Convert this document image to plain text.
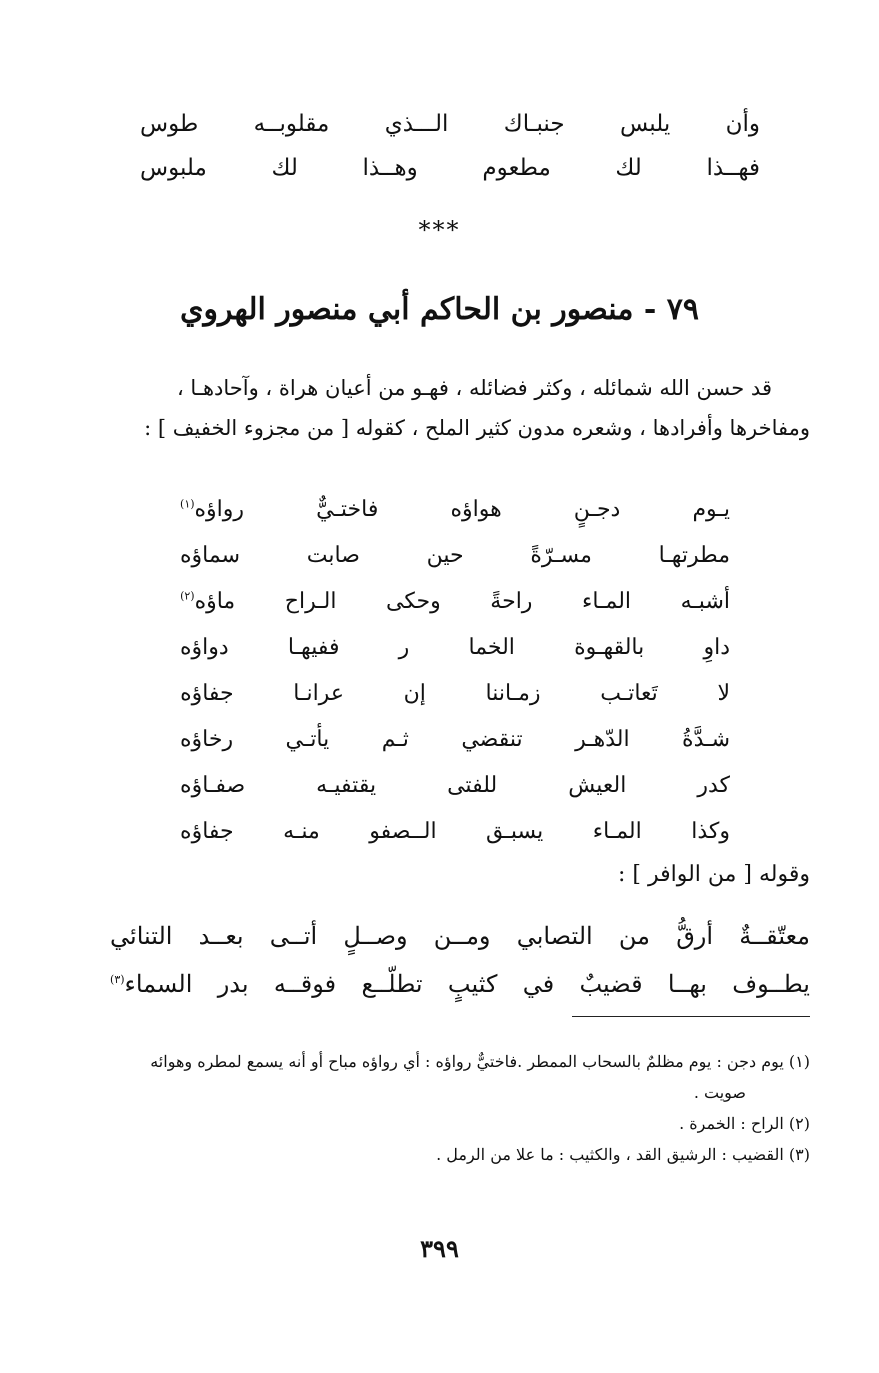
وأن
يلبس
جنبـاك
الـــذي
مقلوبــه
طوس
فهــذا
لك
مطعوم
وهــذا
لك
ملبوس
***
٧٩ - منصور بن الحاكم أبي منصور الهروي

قد حسن الله شمائله ، وكثر فضائله ، فهـو من أعيان هراة ، وآحادهـا ،

ومفاخرها وأفرادها ، وشعره مدون كثير الملح ، كقوله [ من مجزوء الخفيف ] :

يـوم
دجـنٍ
هواؤه
فاختـيٌّ
رواؤه$^{(١)}$
مطرتهـا
مسـرّةً
حين
صابت
سماؤه
أشبـه
المـاء
راحةً
وحكى
الـراح
ماؤه$^{(٢)}$
داوِ
بالقهـوة
الخما
ر
ففيهـا
دواؤه
لا
تَعاتـب
زمـاننا
إن
عرانـا
جفاؤه
شـدَّةُ
الدّهـر
تنقضي
ثـم
يأتـي
رخاؤه
كدر
العيش
للفتى
يقتفيـه
صفـاؤه
وكذا
المـاء
يسبـق
الــصفو
منـه
جفاؤه
وقوله [ من الوافر ] :
معتّقــةٌ
أرقُّ
من
التصابي
ومــن
وصــلٍ
أتــى
بعــد
التنائي
يطــوف
بهــا
قضيبٌ
في
كثيبٍ
تطلّــع
فوقــه
بدر
السماء$^{(٣)}$

(١) يوم دجن : يوم مظلمٌ بالسحاب الممطر .فاختيٌّ رواؤه : أي رواؤه مباح أو أنه يسمع لمطره وهوائه

صويت .

(٢) الراح : الخمرة .

(٣) القضيب : الرشيق القد ، والكثيب : ما علا من الرمل .

٣٩٩
